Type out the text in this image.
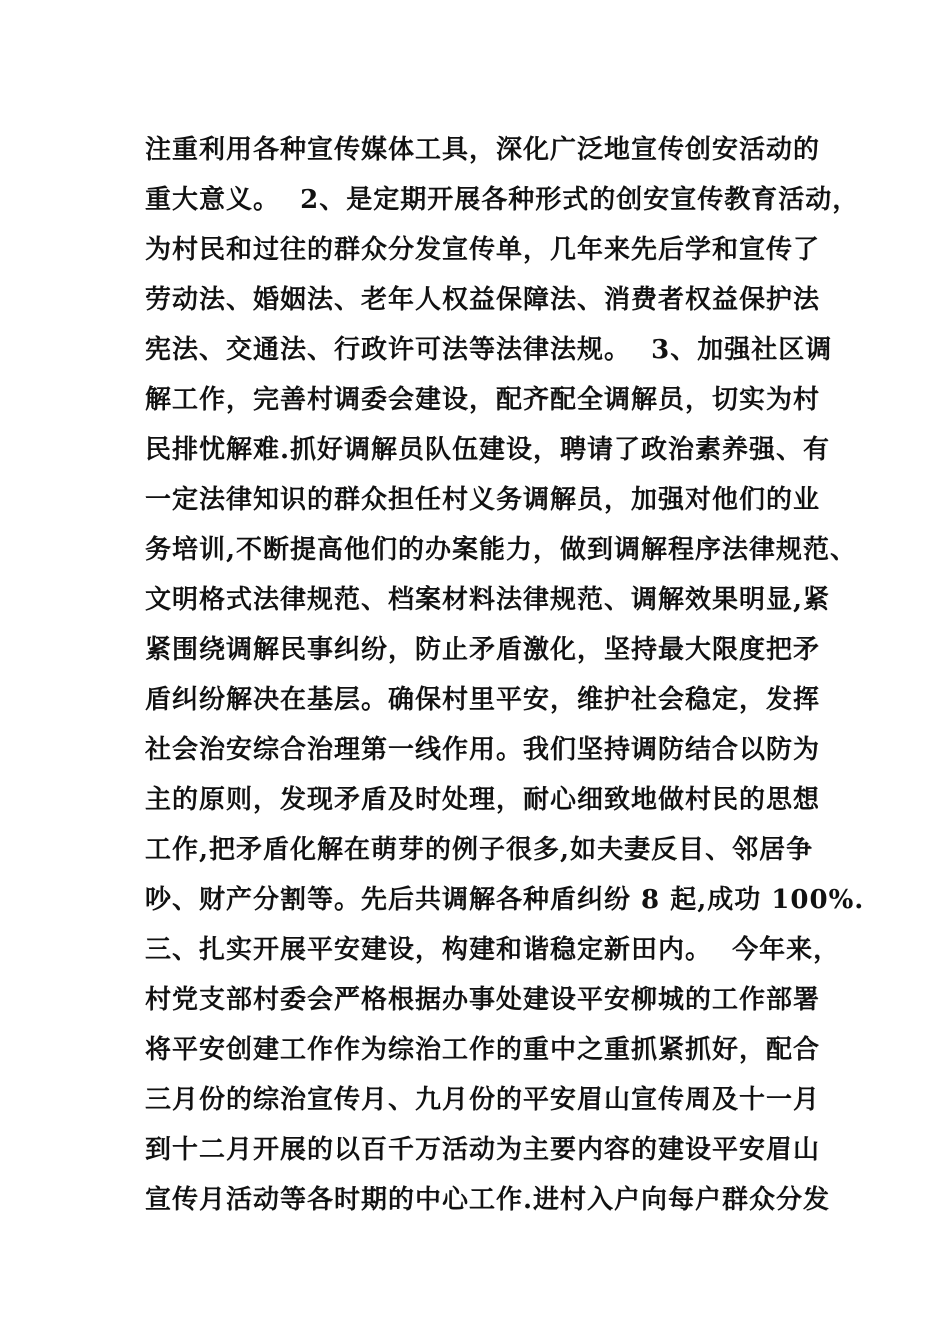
注重利用各种宣传媒体工具，深化广泛地宣传创安活动的
重大意义。  2、是定期开展各种形式的创安宣传教育活动，
为村民和过往的群众分发宣传单，几年来先后学和宣传了
劳动法、婚姻法、老年人权益保障法、消费者权益保护法
宪法、交通法、行政许可法等法律法规。  3、加强社区调
解工作，完善村调委会建设，配齐配全调解员，切实为村
民排忧解难.抓好调解员队伍建设，聘请了政治素养强、有
一定法律知识的群众担任村义务调解员，加强对他们的业
务培训,不断提高他们的办案能力，做到调解程序法律规范、
文明格式法律规范、档案材料法律规范、调解效果明显,紧
紧围绕调解民事纠纷，防止矛盾激化，坚持最大限度把矛
盾纠纷解决在基层。确保村里平安，维护社会稳定，发挥
社会治安综合治理第一线作用。我们坚持调防结合以防为
主的原则，发现矛盾及时处理，耐心细致地做村民的思想
工作,把矛盾化解在萌芽的例子很多,如夫妻反目、邻居争
吵、财产分割等。先后共调解各种盾纠纷 8 起,成功 100%.
三、扎实开展平安建设，构建和谐稳定新田内。  今年来，
村党支部村委会严格根据办事处建设平安柳城的工作部署
将平安创建工作作为综治工作的重中之重抓紧抓好，配合
三月份的综治宣传月、九月份的平安眉山宣传周及十一月
到十二月开展的以百千万活动为主要内容的建设平安眉山
宣传月活动等各时期的中心工作.进村入户向每户群众分发
